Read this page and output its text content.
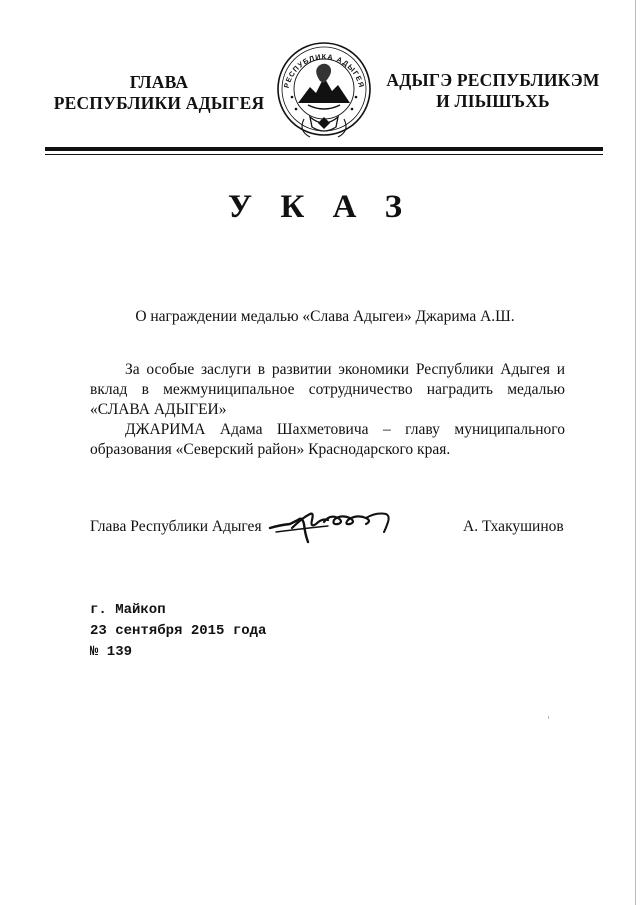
ГЛАВА
РЕСПУБЛИКИ АДЫГЕЯ
РЕСПУБЛИКА АДЫГЕЯ АДЫГЭ РЕСПУБЛИКЭМ
И ЛІЫШЪХЬ
У К А З
О награждении медалью «Слава Адыгеи» Джарима А.Ш.

За особые заслуги в развитии экономики Республики Адыгея и вклад в межмуниципальное сотрудничество наградить медалью «СЛАВА АДЫГЕИ»

ДЖАРИМА Адама Шахметовича – главу муниципального образования «Северский район» Краснодарского края.

Глава Республики Адыгея	А. Тхакушинов
г. Майкоп
23 сентября 2015 года
№ 139
